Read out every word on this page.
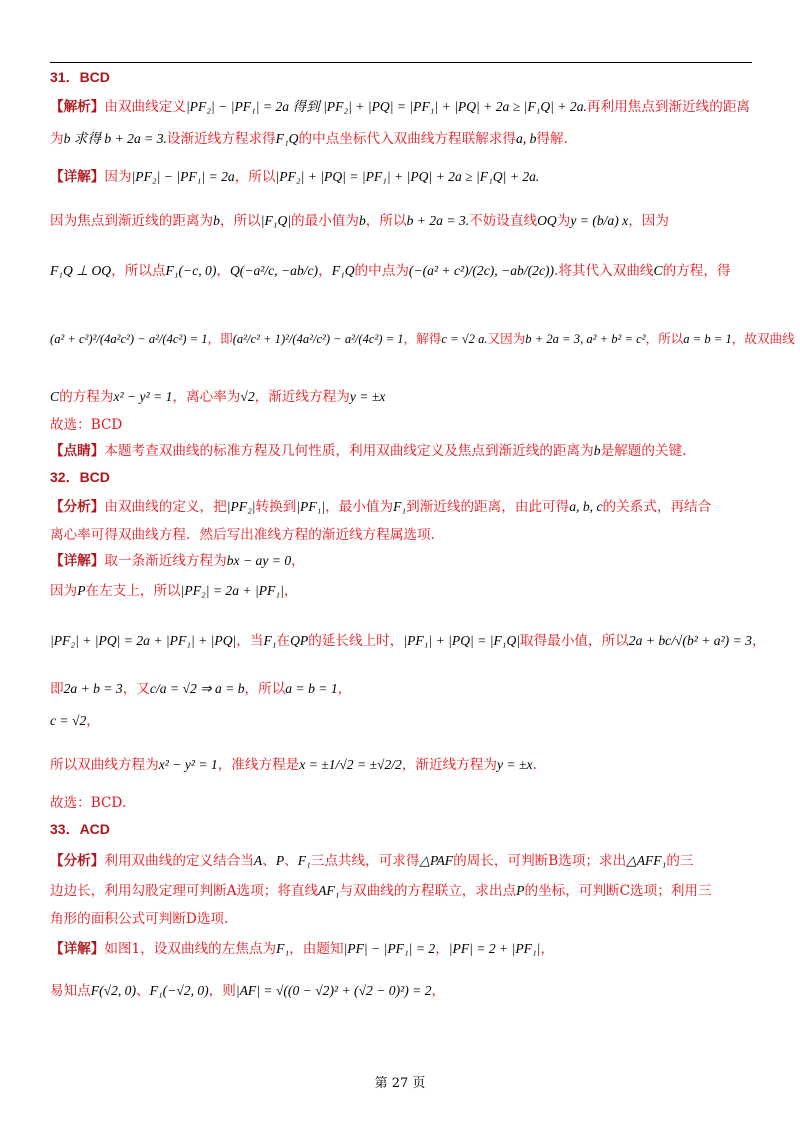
31．BCD
【解析】由双曲线定义|PF₂| − |PF₁| = 2a 得到 |PF₂| + |PQ| = |PF₁| + |PQ| + 2a ≥ |F₁Q| + 2a.再利用焦点到渐近线的距离
为b 求得 b + 2a = 3.设渐近线方程求得F₁Q的中点坐标代入双曲线方程联解求得a, b得解.
【详解】因为|PF₂| − |PF₁| = 2a，所以|PF₂| + |PQ| = |PF₁| + |PQ| + 2a ≥ |F₁Q| + 2a.
因为焦点到渐近线的距离为b，所以|F₁Q|的最小值为b，所以b + 2a = 3.不妨设直线OQ为y = (b/a) x，因为
F₁Q ⊥ OQ，所以点F₁(−c, 0)，Q(−a²/c, −ab/c)，F₁Q的中点为(−(a² + c²)/(2c), −ab/(2c)).将其代入双曲线C的方程，得
(a² + c²)²/(4a²c²) − a²/(4c²) = 1，即(a²/c² + 1)²/(4a²/c²) − a²/(4c²) = 1，解得c = √2 a.又因为b + 2a = 3, a² + b² = c²，所以a = b = 1，故双曲线
C的方程为x² − y² = 1，离心率为√2，渐近线方程为y = ±x
故选：BCD
【点睛】本题考查双曲线的标准方程及几何性质，利用双曲线定义及焦点到渐近线的距离为b是解题的关键.
32．BCD
【分析】由双曲线的定义，把|PF₂|转换到|PF₁|，最小值为F₁到渐近线的距离，由此可得a, b, c的关系式，再结合
离心率可得双曲线方程．然后写出准线方程的渐近线方程属选项.
【详解】取一条渐近线方程为bx − ay = 0，
因为P在左支上，所以|PF₂| = 2a + |PF₁|，
|PF₂| + |PQ| = 2a + |PF₁| + |PQ|，当F₁在QP的延长线上时，|PF₁| + |PQ| = |F₁Q|取得最小值，所以2a + bc/√(b² + a²) = 3，
即2a + b = 3，又c/a = √2 ⇒ a = b，所以a = b = 1，
c = √2，
所以双曲线方程为x² − y² = 1，准线方程是x = ±1/√2 = ±√2/2，渐近线方程为y = ±x.
故选：BCD.
33．ACD
【分析】利用双曲线的定义结合当A、P、F₁三点共线，可求得△PAF的周长，可判断B选项；求出△AFF₁的三
边边长，利用勾股定理可判断A选项；将直线AF₁与双曲线的方程联立，求出点P的坐标，可判断C选项；利用三
角形的面积公式可判断D选项.
【详解】如图1，设双曲线的左焦点为F₁，由题知|PF| − |PF₁| = 2，|PF| = 2 + |PF₁|，
易知点F(√2, 0)、F₁(−√2, 0)，则|AF| = √((0 − √2)² + (√2 − 0)²) = 2，
第 27 页
